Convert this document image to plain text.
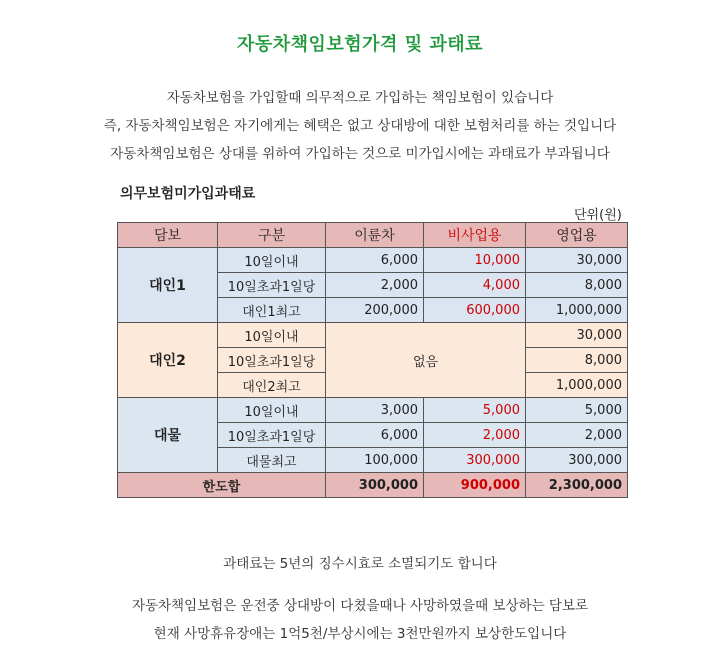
자동차책임보험가격 및 과태료
자동차보험을 가입할때 의무적으로 가입하는 책임보험이 있습니다
즉, 자동차책임보험은 자기에게는 혜택은 없고 상대방에 대한 보험처리를 하는 것입니다
자동차책임보험은 상대를 위하여 가입하는 것으로 미가입시에는 과태료가 부과됩니다
의무보험미가입과태료
단위(원)
담보	구분	이륜차	비사업용	영업용
대인1	10일이내	6,000	10,000	30,000
	10일초과1일당	2,000	4,000	8,000
	대인1최고	200,000	600,000	1,000,000
대인2	10일이내	없음		30,000
	10일초과1일당			8,000
	대인2최고			1,000,000
대물	10일이내	3,000	5,000	5,000
	10일초과1일당	6,000	2,000	2,000
	대물최고	100,000	300,000	300,000
한도합		300,000	900,000	2,300,000
과태료는 5년의 징수시효로 소멸되기도 합니다
자동차책임보험은 운전중 상대방이 다쳤을때나 사망하였을때 보상하는 담보로
현재 사망휴유장애는 1억5천/부상시에는 3천만원까지 보상한도입니다
